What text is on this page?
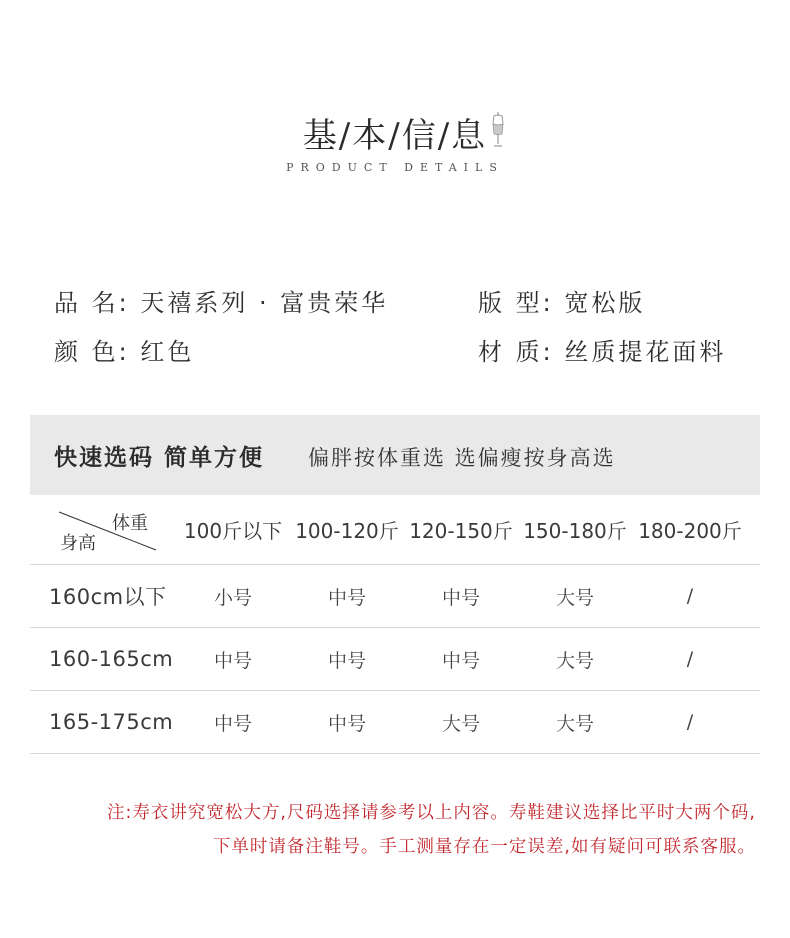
基/本/信/息
PRODUCT DETAILS
品 名: 天禧系列 · 富贵荣华	版 型: 宽松版
颜 色: 红色	材 质: 丝质提花面料
快速选码 简单方便 偏胖按体重选 选偏瘦按身高选
体重
身高
100斤以下 100-120斤 120-150斤 150-180斤 180-200斤
160cm以下	小号	中号	中号	大号	/
160-165cm	中号	中号	中号	大号	/
165-175cm	中号	中号	大号	大号	/
注:寿衣讲究宽松大方,尺码选择请参考以上内容。寿鞋建议选择比平时大两个码,
下单时请备注鞋号。手工测量存在一定误差,如有疑问可联系客服。
